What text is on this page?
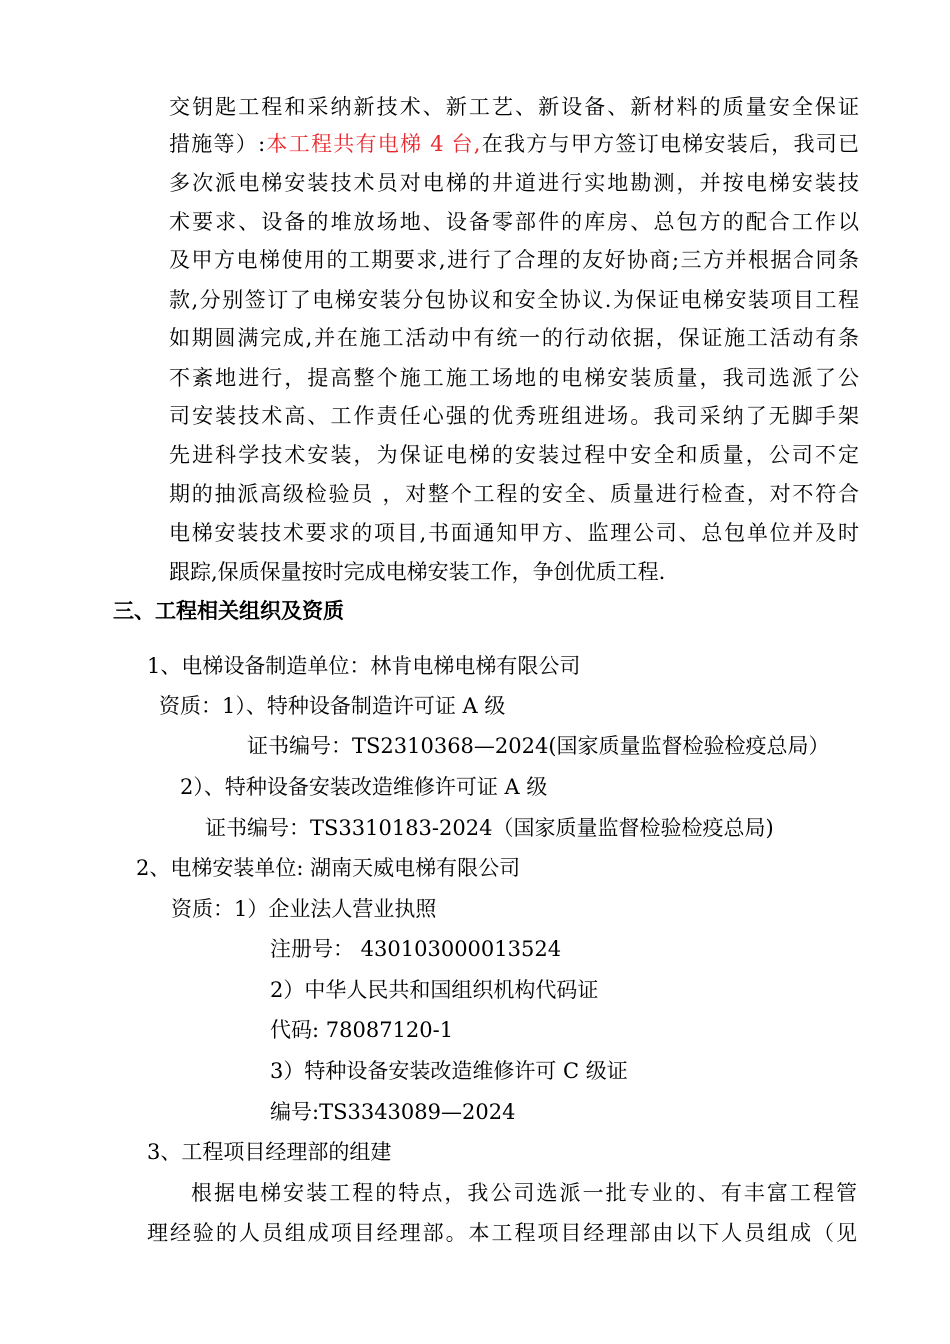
交钥匙工程和采纳新技术、新工艺、新设备、新材料的质量安全保证
措施等）:本工程共有电梯 4 台,在我方与甲方签订电梯安装后，我司已
多次派电梯安装技术员对电梯的井道进行实地勘测，并按电梯安装技
术要求、设备的堆放场地、设备零部件的库房、总包方的配合工作以
及甲方电梯使用的工期要求,进行了合理的友好协商;三方并根据合同条
款,分别签订了电梯安装分包协议和安全协议.为保证电梯安装项目工程
如期圆满完成,并在施工活动中有统一的行动依据，保证施工活动有条
不紊地进行，提高整个施工施工场地的电梯安装质量，我司选派了公
司安装技术高、工作责任心强的优秀班组进场。我司采纳了无脚手架
先进科学技术安装，为保证电梯的安装过程中安全和质量，公司不定
期的抽派高级检验员 ，对整个工程的安全、质量进行检查，对不符合
电梯安装技术要求的项目,书面通知甲方、监理公司、总包单位并及时
跟踪,保质保量按时完成电梯安装工作，争创优质工程.
三、工程相关组织及资质
1、电梯设备制造单位：林肯电梯电梯有限公司
资质：1）、特种设备制造许可证 A 级
证书编号：TS2310368—2024(国家质量监督检验检疫总局）
2）、特种设备安装改造维修许可证 A 级
证书编号：TS3310183-2024（国家质量监督检验检疫总局)
2、电梯安装单位: 湖南天威电梯有限公司
资质：1）企业法人营业执照
注册号： 430103000013524
2）中华人民共和国组织机构代码证
代码: 78087120-1
3）特种设备安装改造维修许可 C 级证
编号:TS3343089—2024
3、工程项目经理部的组建
根据电梯安装工程的特点，我公司选派一批专业的、有丰富工程管
理经验的人员组成项目经理部。本工程项目经理部由以下人员组成（见
